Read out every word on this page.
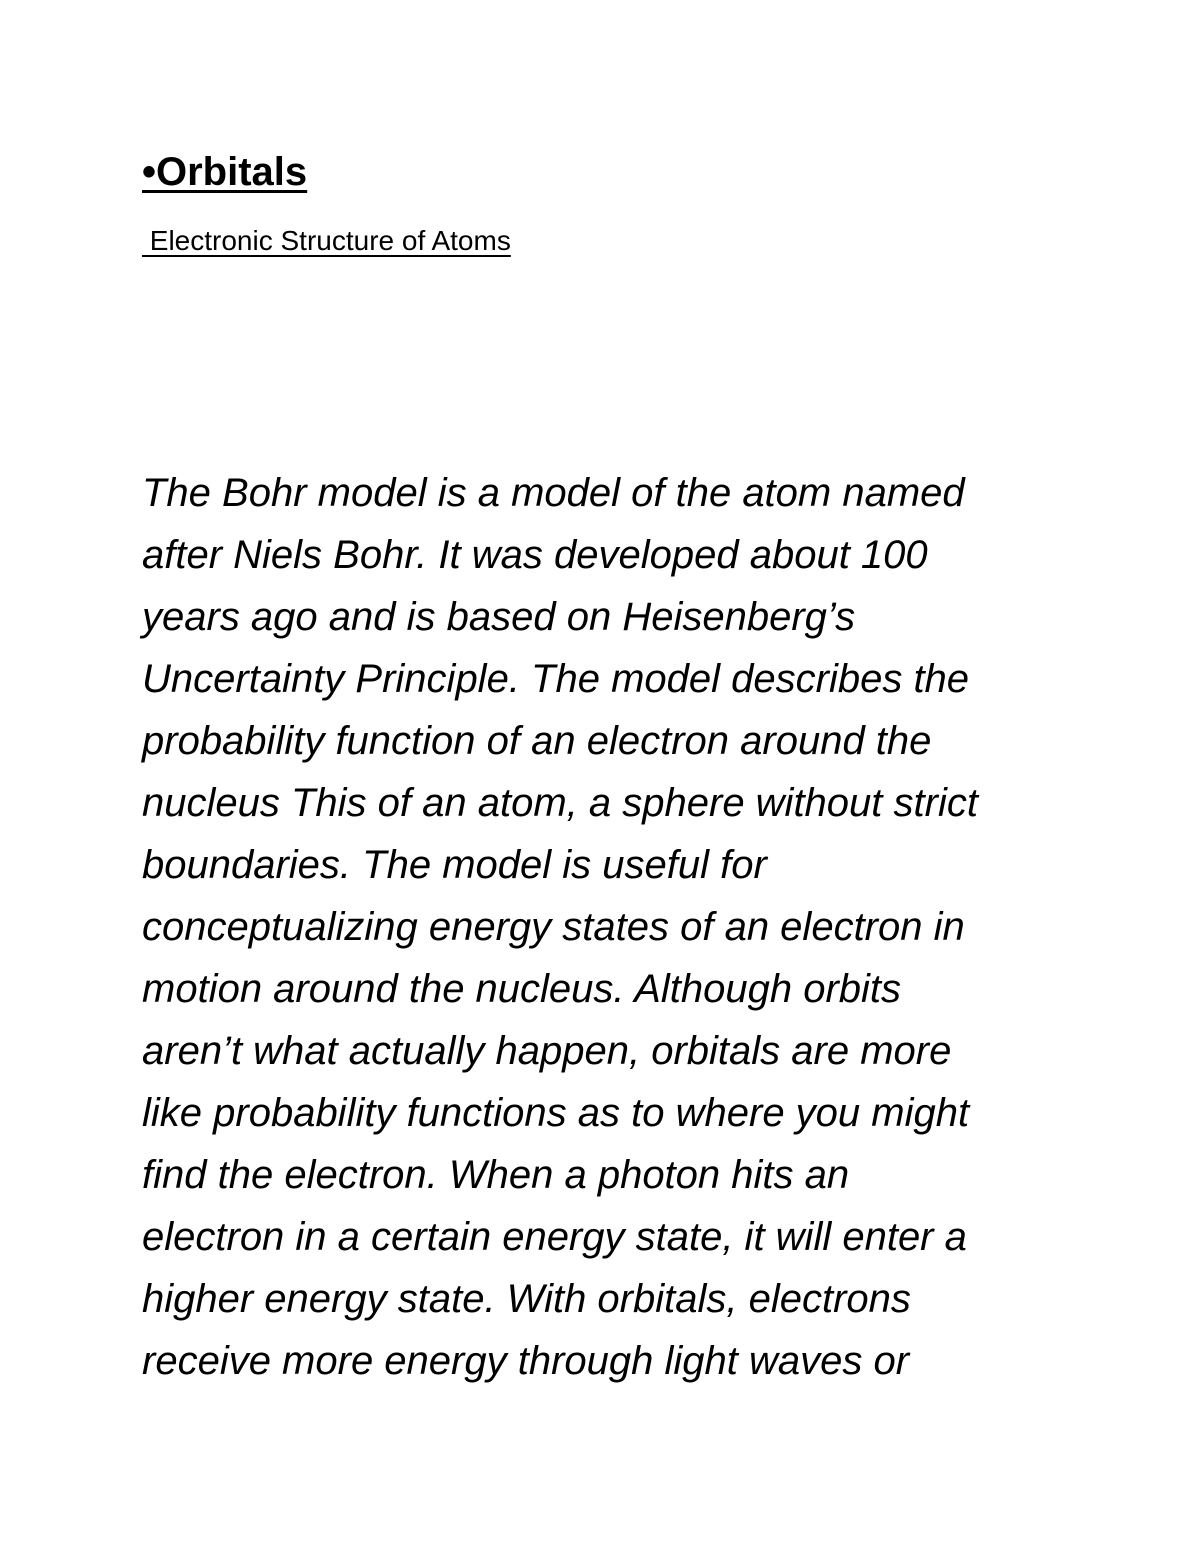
•Orbitals
Electronic Structure of Atoms
The Bohr model is a model of the atom named
after Niels Bohr. It was developed about 100
years ago and is based on Heisenberg’s
Uncertainty Principle. The model describes the
probability function of an electron around the
nucleus This of an atom, a sphere without strict
boundaries. The model is useful for
conceptualizing energy states of an electron in
motion around the nucleus. Although orbits
aren’t what actually happen, orbitals are more
like probability functions as to where you might
find the electron. When a photon hits an
electron in a certain energy state, it will enter a
higher energy state. With orbitals, electrons
receive more energy through light waves or
